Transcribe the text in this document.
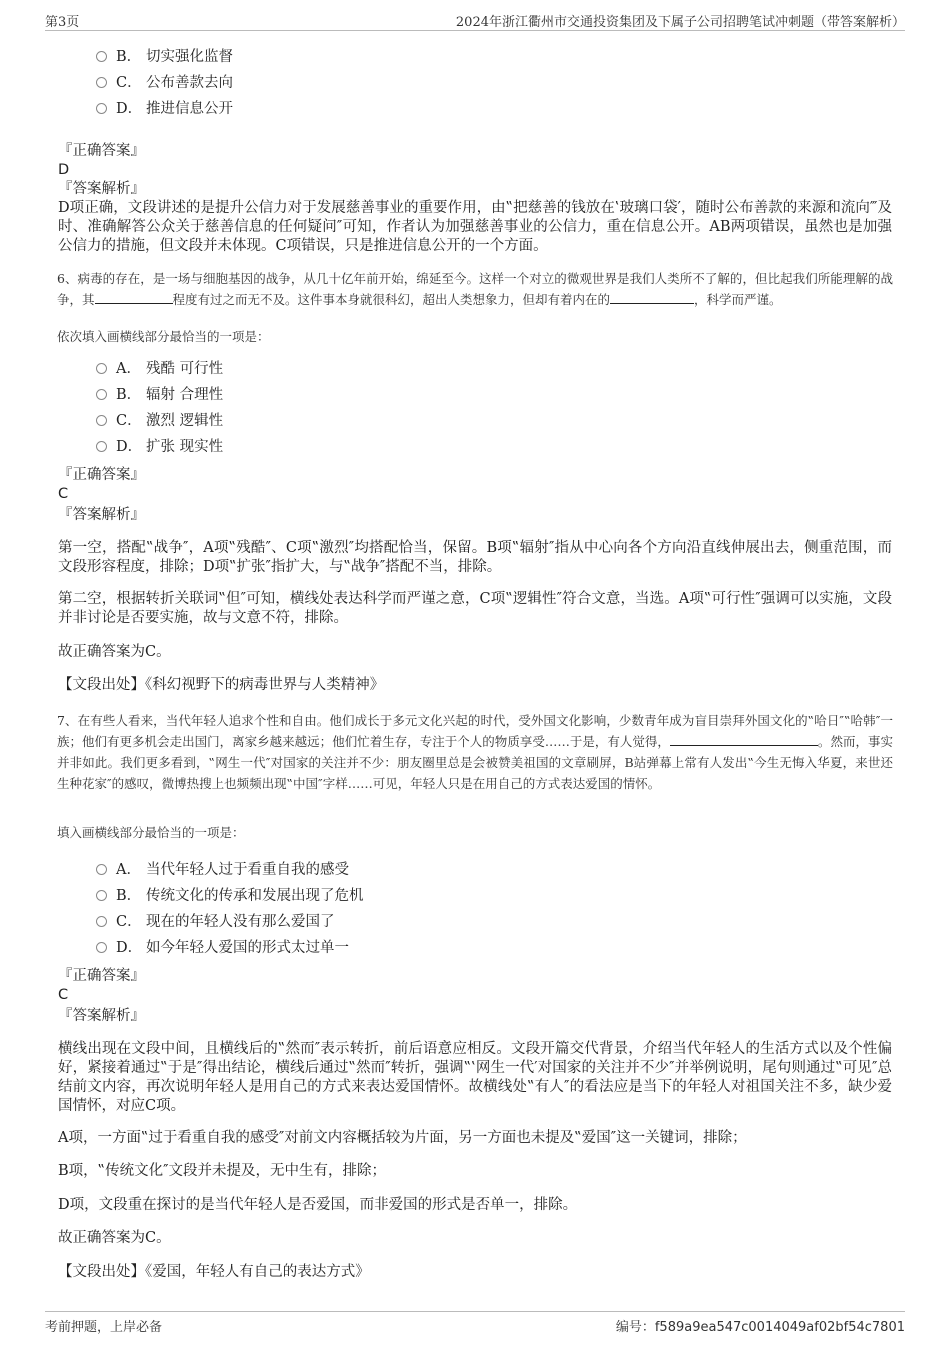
第3页	2024年浙江衢州市交通投资集团及下属子公司招聘笔试冲刺题（带答案解析）
B． 切实强化监督
C． 公布善款去向
D． 推进信息公开
『正确答案』
D
『答案解析』
D项正确，文段讲述的是提升公信力对于发展慈善事业的重要作用，由‟把慈善的钱放在‛玻璃口袋′，随时公布善款的来源和流向‴及时、准确解答公众关于慈善信息的任何疑问″可知，作者认为加强慈善事业的公信力，重在信息公开。AB两项错误，虽然也是加强公信力的措施，但文段并未体现。C项错误，只是推进信息公开的一个方面。
6、病毒的存在，是一场与细胞基因的战争，从几十亿年前开始，绵延至今。这样一个对立的微观世界是我们人类所不了解的，但比起我们所能理解的战争，其	程度有过之而无不及。这件事本身就很科幻，超出人类想象力，但却有着内在的	，科学而严谨。
依次填入画横线部分最恰当的一项是：
A． 残酷 可行性
B． 辐射 合理性
C． 激烈 逻辑性
D． 扩张 现实性
『正确答案』
C
『答案解析』
第一空，搭配‟战争″，A项‟残酷″、C项‟激烈″均搭配恰当，保留。B项‟辐射″指从中心向各个方向沿直线伸展出去，侧重范围，而文段形容程度，排除；D项‟扩张″指扩大，与‟战争″搭配不当，排除。
第二空，根据转折关联词‟但″可知，横线处表达科学而严谨之意，C项‟逻辑性″符合文意，当选。A项‟可行性″强调可以实施，文段并非讨论是否要实施，故与文意不符，排除。
故正确答案为C。
【文段出处】《科幻视野下的病毒世界与人类精神》
7、在有些人看来，当代年轻人追求个性和自由。他们成长于多元文化兴起的时代，受外国文化影响，少数青年成为盲目崇拜外国文化的‟哈日″‟哈韩″一族；他们有更多机会走出国门，离家乡越来越远；他们忙着生存，专注于个人的物质享受……于是，有人觉得，	。然而，事实并非如此。我们更多看到，‟网生一代″对国家的关注并不少：朋友圈里总是会被赞美祖国的文章刷屏，B站弹幕上常有人发出‟今生无悔入华夏，来世还生种花家″的感叹，微博热搜上也频频出现‟中国″字样……可见，年轻人只是在用自己的方式表达爱国的情怀。
填入画横线部分最恰当的一项是：
A． 当代年轻人过于看重自我的感受
B． 传统文化的传承和发展出现了危机
C． 现在的年轻人没有那么爱国了
D． 如今年轻人爱国的形式太过单一
『正确答案』
C
『答案解析』
横线出现在文段中间，且横线后的‟然而″表示转折，前后语意应相反。文段开篇交代背景，介绍当代年轻人的生活方式以及个性偏好，紧接着通过‟于是″得出结论，横线后通过‟然而″转折，强调‟‛网生一代′对国家的关注并不少″并举例说明，尾句则通过‟可见″总结前文内容，再次说明年轻人是用自己的方式来表达爱国情怀。故横线处‟有人″的看法应是当下的年轻人对祖国关注不多，缺少爱国情怀，对应C项。
A项，一方面‟过于看重自我的感受″对前文内容概括较为片面，另一方面也未提及‟爱国″这一关键词，排除；
B项，‟传统文化″文段并未提及，无中生有，排除；
D项，文段重在探讨的是当代年轻人是否爱国，而非爱国的形式是否单一，排除。
故正确答案为C。
【文段出处】《爱国，年轻人有自己的表达方式》
考前押题，上岸必备	编号：f589a9ea547c0014049af02bf54c7801
